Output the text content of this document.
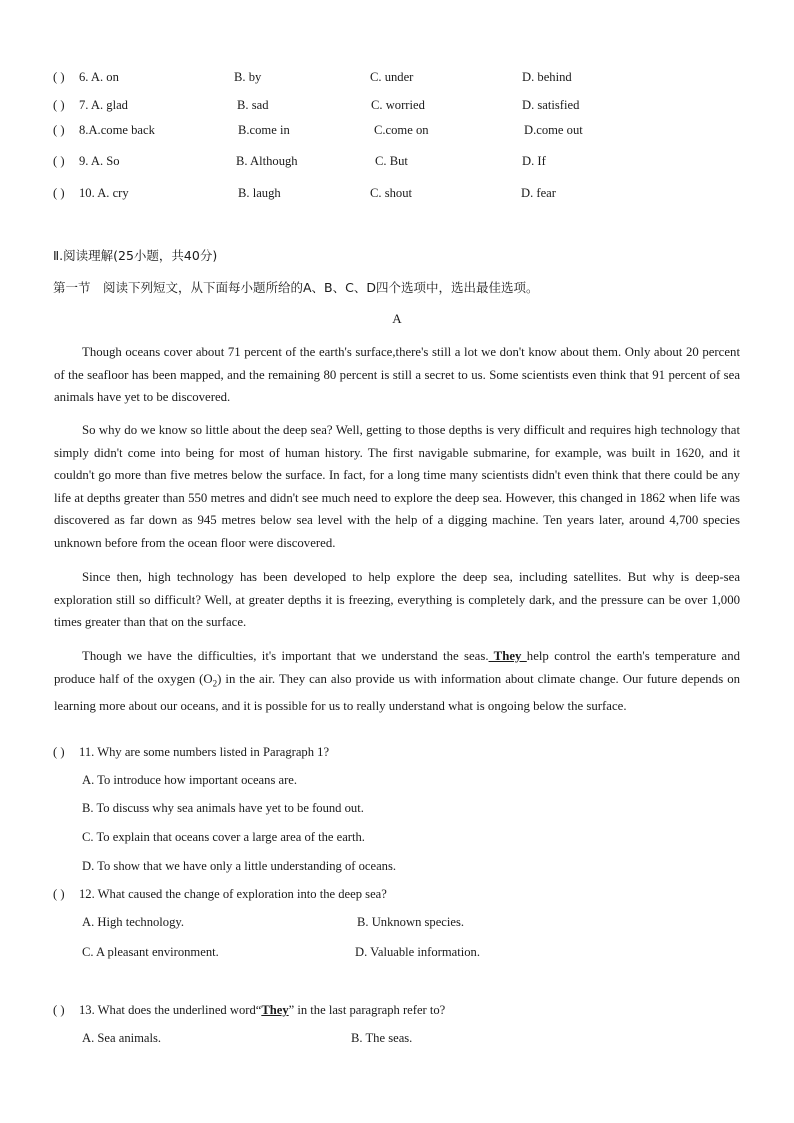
( ) 6. A. on	B. by	C. under	D. behind
( ) 7. A. glad	B. sad	C. worried	D. satisfied
( ) 8.A.come back	B.come in	C.come on	D.come out
( ) 9. A. So	B. Although	C. But	D. If
( ) 10. A. cry	B. laugh	C. shout	D. fear
Ⅱ.阅读理解(25小题，共40分)
第一节　阅读下列短文，从下面每小题所给的A、B、C、D四个选项中，选出最佳选项。
A

Though oceans cover about 71 percent of the earth's surface,there's still a lot we don't know about them. Only about 20 percent of the seafloor has been mapped, and the remaining 80 percent is still a secret to us. Some scientists even think that 91 percent of sea animals have yet to be discovered.

So why do we know so little about the deep sea? Well, getting to those depths is very difficult and requires high technology that simply didn't come into being for most of human history. The first navigable submarine, for example, was built in 1620, and it couldn't go more than five metres below the surface. In fact, for a long time many scientists didn't even think that there could be any life at depths greater than 550 metres and didn't see much need to explore the deep sea. However, this changed in 1862 when life was discovered as far down as 945 metres below sea level with the help of a digging machine. Ten years later, around 4,700 species unknown before from the ocean floor were discovered.

Since then, high technology has been developed to help explore the deep sea, including satellites. But why is deep-sea exploration still so difficult? Well, at greater depths it is freezing, everything is completely dark, and the pressure can be over 1,000 times greater than that on the surface.

Though we have the difficulties, it's important that we understand the seas. They help control the earth's temperature and produce half of the oxygen $(O_2)$ in the air. They can also provide us with information about climate change. Our future depends on learning more about our oceans, and it is possible for us to really understand what is ongoing below the surface.

( ) 11. Why are some numbers listed in Paragraph 1?
A. To introduce how important oceans are.
B. To discuss why sea animals have yet to be found out.
C. To explain that oceans cover a large area of the earth.
D. To show that we have only a little understanding of oceans.
( ) 12. What caused the change of exploration into the deep sea?
A. High technology.	B. Unknown species.
C. A pleasant environment.	D. Valuable information.
( ) 13. What does the underlined word“They” in the last paragraph refer to?
A. Sea animals.	B. The seas.
